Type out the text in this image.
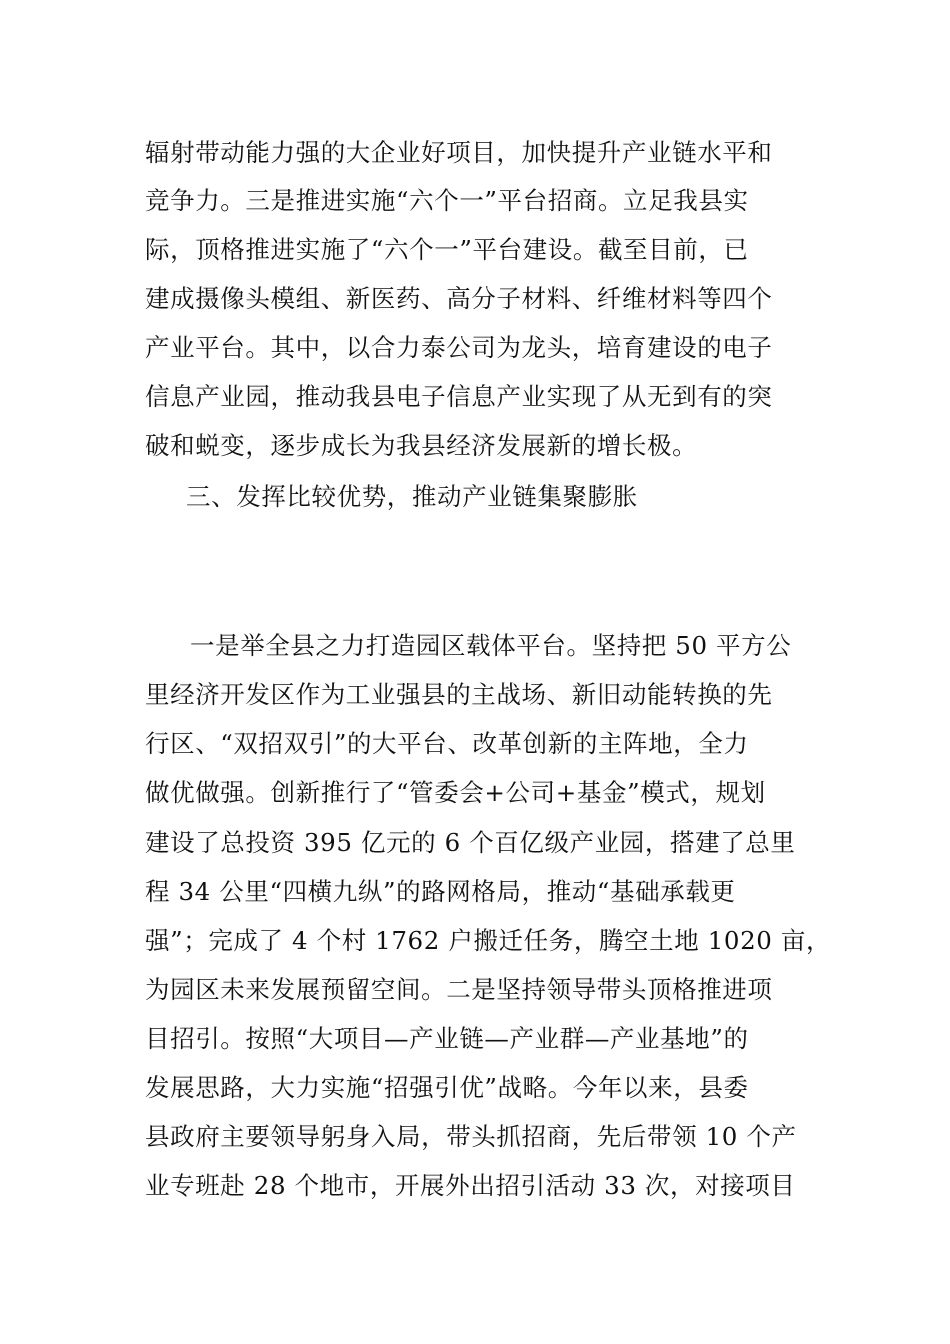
辐射带动能力强的大企业好项目，加快提升产业链水平和
竞争力。三是推进实施“六个一”平台招商。立足我县实
际，顶格推进实施了“六个一”平台建设。截至目前，已
建成摄像头模组、新医药、高分子材料、纤维材料等四个
产业平台。其中，以合力泰公司为龙头，培育建设的电子
信息产业园，推动我县电子信息产业实现了从无到有的突
破和蜕变，逐步成长为我县经济发展新的增长极。
三、发挥比较优势，推动产业链集聚膨胀
一是举全县之力打造园区载体平台。坚持把 50 平方公
里经济开发区作为工业强县的主战场、新旧动能转换的先
行区、“双招双引”的大平台、改革创新的主阵地，全力
做优做强。创新推行了“管委会+公司+基金”模式，规划
建设了总投资 395 亿元的 6 个百亿级产业园，搭建了总里
程 34 公里“四横九纵”的路网格局，推动“基础承载更
强”；完成了 4 个村 1762 户搬迁任务，腾空土地 1020 亩，
为园区未来发展预留空间。二是坚持领导带头顶格推进项
目招引。按照“大项目—产业链—产业群—产业基地”的
发展思路，大力实施“招强引优”战略。今年以来，县委
县政府主要领导躬身入局，带头抓招商，先后带领 10 个产
业专班赴 28 个地市，开展外出招引活动 33 次，对接项目
